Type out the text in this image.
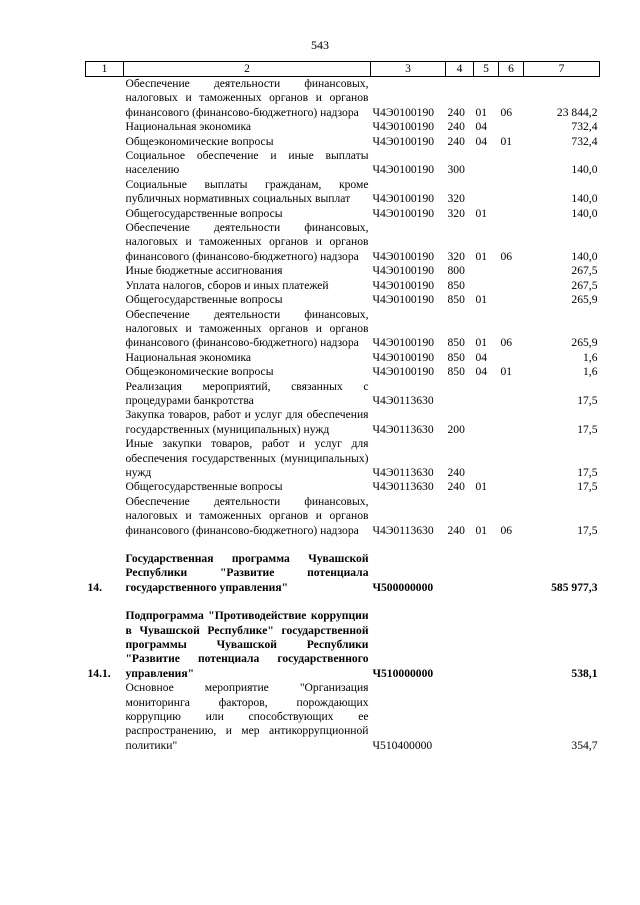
543
1	2	3	4	5	6	7
	Обеспечение деятельности финансовых, налоговых и таможенных органов и органов финансового (финансово-бюджетного) надзора	Ч4Э0100190	240	01	06	23 844,2
	Национальная экономика	Ч4Э0100190	240	04		732,4
	Общеэкономические вопросы	Ч4Э0100190	240	04	01	732,4
	Социальное обеспечение и иные выплаты населению	Ч4Э0100190	300			140,0
	Социальные выплаты гражданам, кроме публичных нормативных социальных выплат	Ч4Э0100190	320			140,0
	Общегосударственные вопросы	Ч4Э0100190	320	01		140,0
	Обеспечение деятельности финансовых, налоговых и таможенных органов и органов финансового (финансово-бюджетного) надзора	Ч4Э0100190	320	01	06	140,0
	Иные бюджетные ассигнования	Ч4Э0100190	800			267,5
	Уплата налогов, сборов и иных платежей	Ч4Э0100190	850			267,5
	Общегосударственные вопросы	Ч4Э0100190	850	01		265,9
	Обеспечение деятельности финансовых, налоговых и таможенных органов и органов финансового (финансово-бюджетного) надзора	Ч4Э0100190	850	01	06	265,9
	Национальная экономика	Ч4Э0100190	850	04		1,6
	Общеэкономические вопросы	Ч4Э0100190	850	04	01	1,6
	Реализация мероприятий, связанных с процедурами банкротства	Ч4Э0113630				17,5
	Закупка товаров, работ и услуг для обеспечения государственных (муниципальных) нужд	Ч4Э0113630	200			17,5
	Иные закупки товаров, работ и услуг для обеспечения государственных (муниципальных) нужд	Ч4Э0113630	240			17,5
	Общегосударственные вопросы	Ч4Э0113630	240	01		17,5
	Обеспечение деятельности финансовых, налоговых и таможенных органов и органов финансового (финансово-бюджетного) надзора	Ч4Э0113630	240	01	06	17,5

14.	Государственная программа Чувашской Республики "Развитие потенциала государственного управления"	Ч500000000				585 977,3

14.1.	Подпрограмма "Противодействие коррупции в Чувашской Республике" государственной программы Чувашской Республики "Развитие потенциала государственного управления"	Ч510000000				538,1
	Основное мероприятие "Организация мониторинга факторов, порождающих коррупцию или способствующих ее распространению, и мер антикоррупционной политики"	Ч510400000				354,7
